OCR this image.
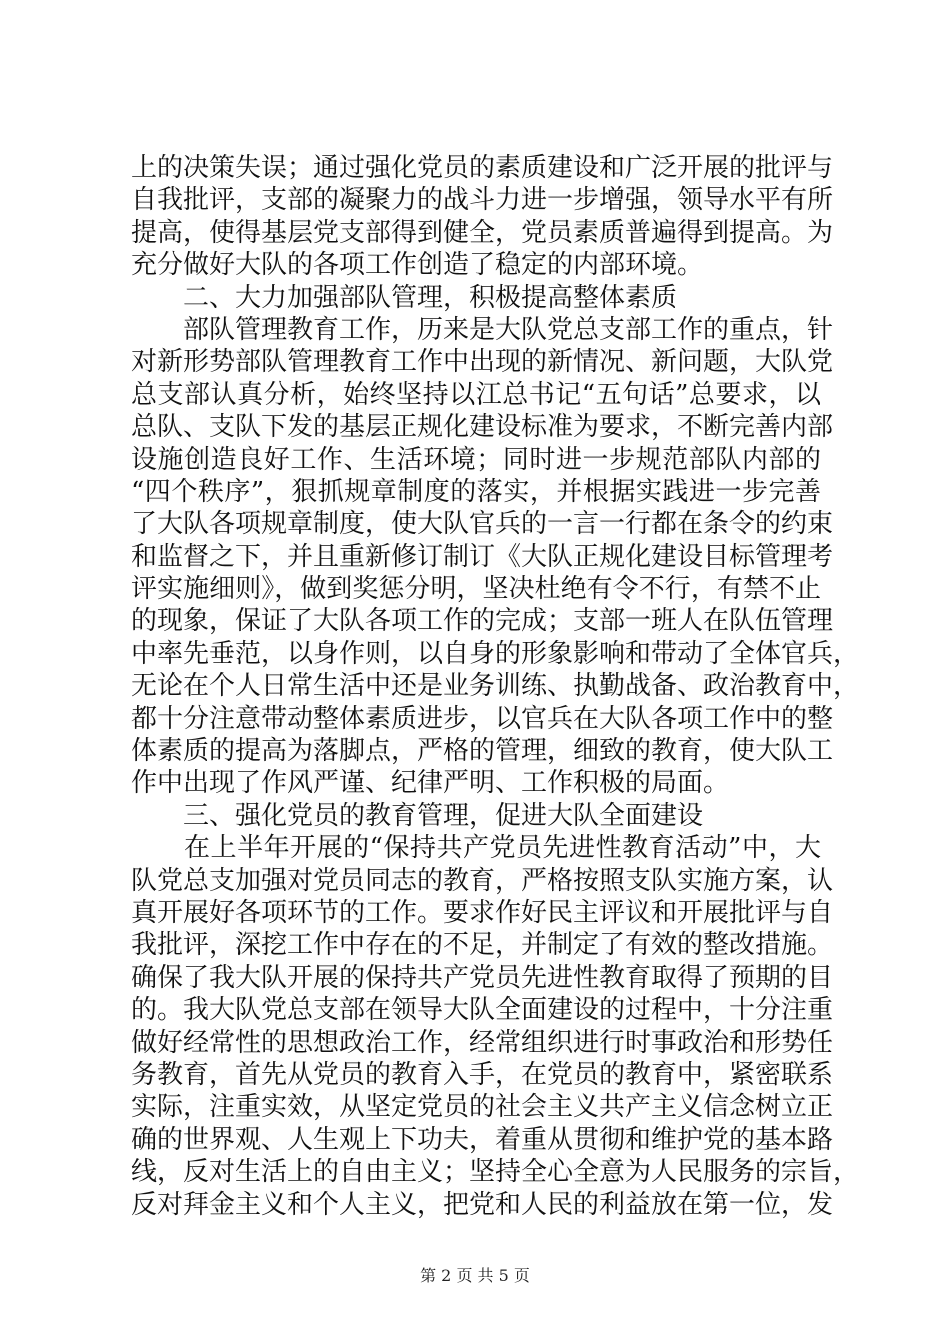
上的决策失误；通过强化党员的素质建设和广泛开展的批评与
自我批评，支部的凝聚力的战斗力进一步增强，领导水平有所
提高，使得基层党支部得到健全，党员素质普遍得到提高。为
充分做好大队的各项工作创造了稳定的内部环境。
　　二、大力加强部队管理，积极提高整体素质
　　部队管理教育工作，历来是大队党总支部工作的重点，针
对新形势部队管理教育工作中出现的新情况、新问题，大队党
总支部认真分析，始终坚持以江总书记“五句话”总要求，以
总队、支队下发的基层正规化建设标准为要求，不断完善内部
设施创造良好工作、生活环境；同时进一步规范部队内部的
“四个秩序”，狠抓规章制度的落实，并根据实践进一步完善
了大队各项规章制度，使大队官兵的一言一行都在条令的约束
和监督之下，并且重新修订制订《大队正规化建设目标管理考
评实施细则》，做到奖惩分明，坚决杜绝有令不行，有禁不止
的现象，保证了大队各项工作的完成；支部一班人在队伍管理
中率先垂范，以身作则，以自身的形象影响和带动了全体官兵，
无论在个人日常生活中还是业务训练、执勤战备、政治教育中，
都十分注意带动整体素质进步，以官兵在大队各项工作中的整
体素质的提高为落脚点，严格的管理，细致的教育，使大队工
作中出现了作风严谨、纪律严明、工作积极的局面。
　　三、强化党员的教育管理，促进大队全面建设
　　在上半年开展的“保持共产党员先进性教育活动”中，大
队党总支加强对党员同志的教育，严格按照支队实施方案，认
真开展好各项环节的工作。要求作好民主评议和开展批评与自
我批评，深挖工作中存在的不足，并制定了有效的整改措施。
确保了我大队开展的保持共产党员先进性教育取得了预期的目
的。我大队党总支部在领导大队全面建设的过程中，十分注重
做好经常性的思想政治工作，经常组织进行时事政治和形势任
务教育，首先从党员的教育入手，在党员的教育中，紧密联系
实际，注重实效，从坚定党员的社会主义共产主义信念树立正
确的世界观、人生观上下功夫，着重从贯彻和维护党的基本路
线，反对生活上的自由主义；坚持全心全意为人民服务的宗旨，
反对拜金主义和个人主义，把党和人民的利益放在第一位，发
第 2 页 共 5 页
